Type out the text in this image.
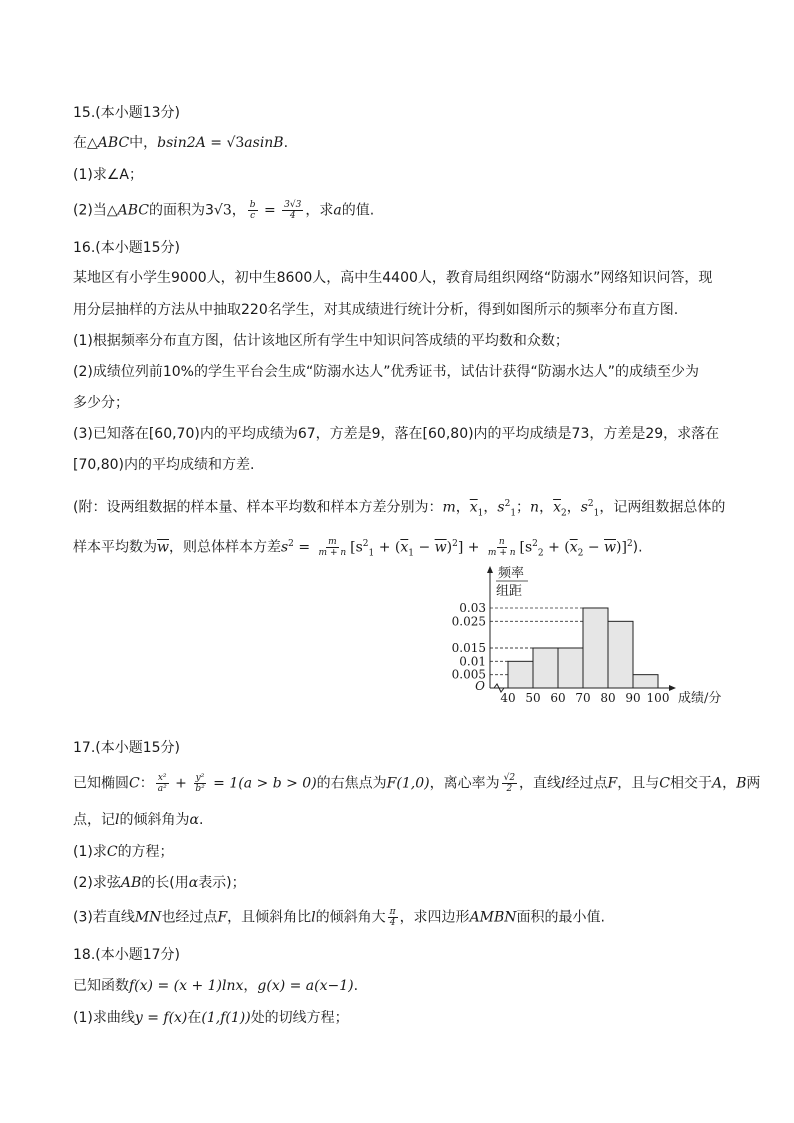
15.(本小题13分)
在△ABC中，bsin2A = √3asinB.
(1)求∠A；
(2)当△ABC的面积为3√3， $\frac{b}{c} = \frac{3√3}{4}$ ，求a的值.
16.(本小题15分)
某地区有小学生9000人，初中生8600人，高中生4400人，教育局组织网络“防溺水”网络知识问答，现
用分层抽样的方法从中抽取220名学生，对其成绩进行统计分析，得到如图所示的频率分布直方图.
(1)根据频率分布直方图，估计该地区所有学生中知识问答成绩的平均数和众数；
(2)成绩位列前10%的学生平台会生成“防溺水达人”优秀证书，试估计获得“防溺水达人”的成绩至少为
多少分；
(3)已知落在[60,70)内的平均成绩为67，方差是9，落在[60,80)内的平均成绩是73，方差是29，求落在
[70,80)内的平均成绩和方差.
(附：设两组数据的样本量、样本平均数和样本方差分别为：m，$\overline{x}_1$，$s^2_1$；n，$\overline{x}_2$，$s^2_1$，记两组数据总体的
样本平均数为$\overline{w}$，则总体样本方差$s^2 = \frac{m}{m + n} [s^2_1 + (\overline{x}_1 - \overline{w})^2] + \frac{n}{m + n} [s^2_2 + (\overline{x}_2 - \overline{w})]^2$).
0.005
0.01
0.015
0.025
0.03
40 50 60 70 80 90 100
O
频率
组距
成绩/分
17.(本小题15分)
已知椭圆C： $\frac{\text{x²}}{\text{a²}} + \frac{\text{y²}}{\text{b²}} = 1(a > b > 0)$的右焦点为F(1,0)，离心率为 $\frac{√2}{2}$ ，直线l经过点F，且与C相交于A，B两
点，记l的倾斜角为α.
(1)求C的方程；
(2)求弦AB的长(用α表示)；
(3)若直线MN也经过点F，且倾斜角比l的倾斜角大 $\frac{\pi}{4}$ ，求四边形AMBN面积的最小值.
18.(本小题17分)
已知函数f(x) = (x + 1)lnx，g(x) = a(x−1).
(1)求曲线y = f(x)在(1,f(1))处的切线方程；
